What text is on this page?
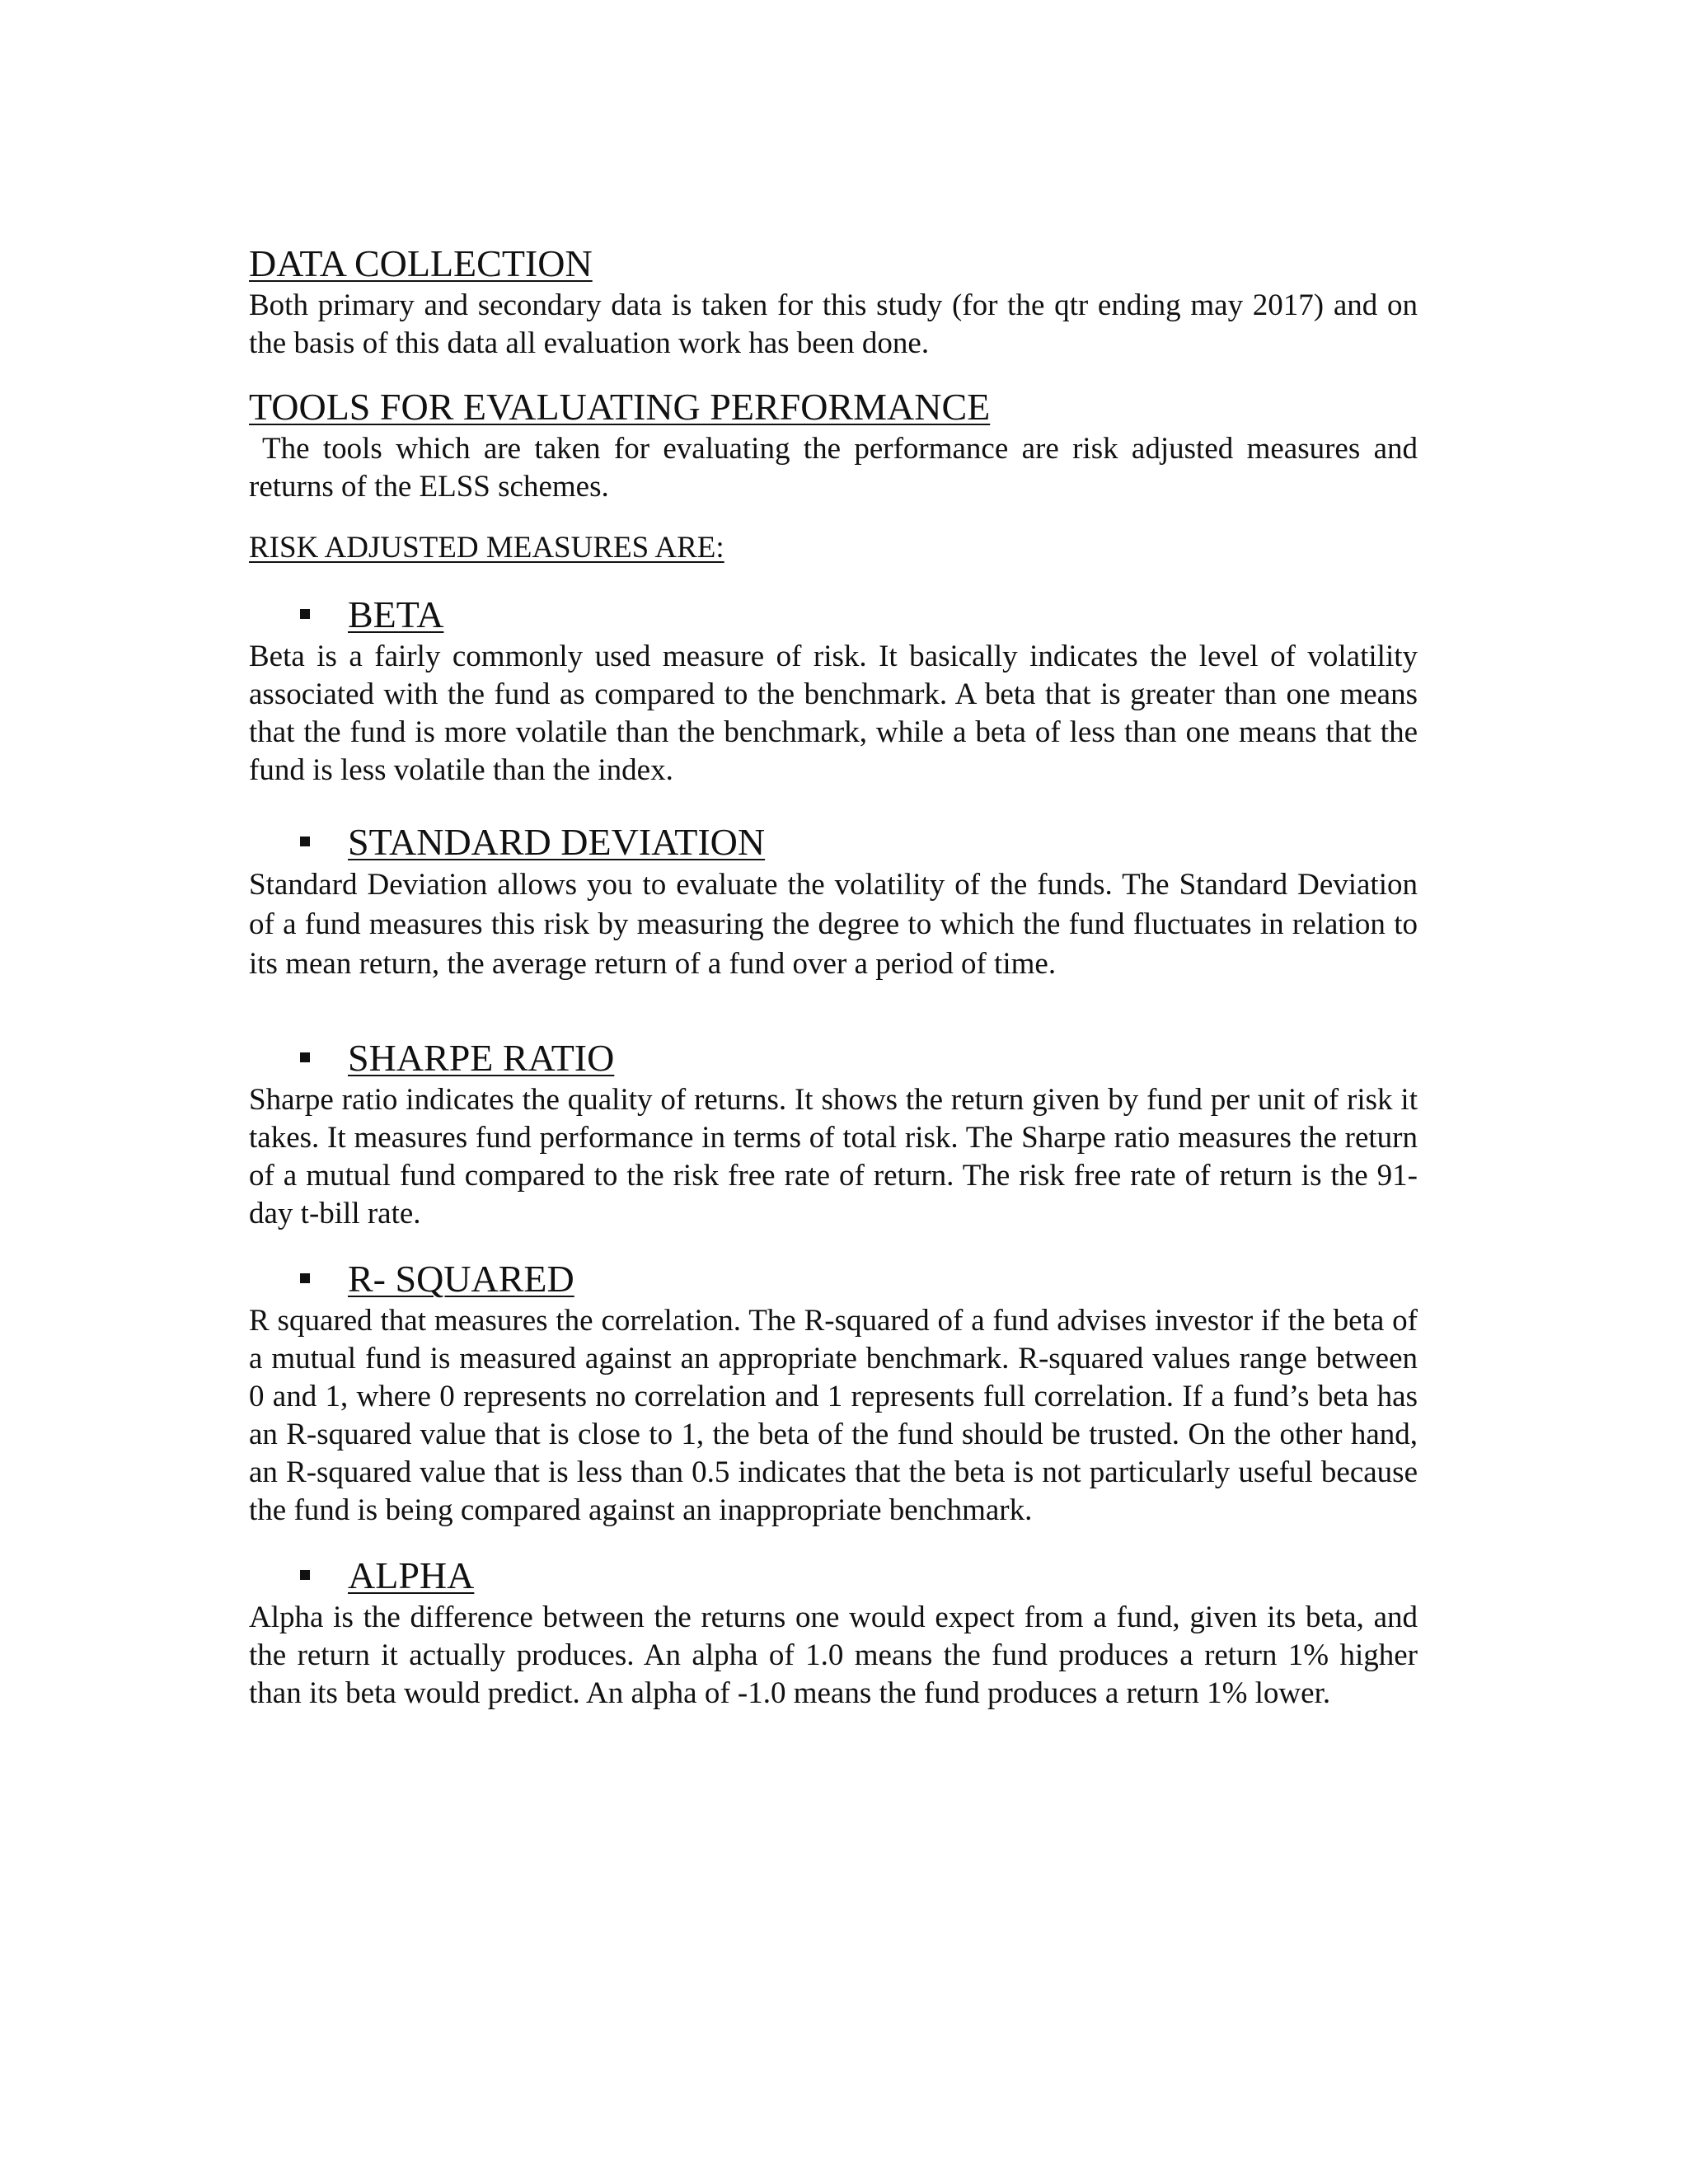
DATA COLLECTION

Both primary and secondary data is taken for this study (for the qtr ending may 2017) and on the basis of this data all evaluation work has been done.

TOOLS FOR EVALUATING PERFORMANCE

The tools which are taken for evaluating the performance are risk adjusted measures and returns of the ELSS schemes.

RISK ADJUSTED MEASURES ARE:

BETA

Beta is a fairly commonly used measure of risk. It basically indicates the level of volatility associated with the fund as compared to the benchmark. A beta that is greater than one means that the fund is more volatile than the benchmark, while a beta of less than one means that the fund is less volatile than the index.

STANDARD DEVIATION

Standard Deviation allows you to evaluate the volatility of the funds. The Standard Deviation of a fund measures this risk by measuring the degree to which the fund fluctuates in relation to its mean return, the average return of a fund over a period of time.

SHARPE RATIO

Sharpe ratio indicates the quality of returns. It shows the return given by fund per unit of risk it takes. It measures fund performance in terms of total risk. The Sharpe ratio measures the return of a mutual fund compared to the risk free rate of return. The risk free rate of return is the 91-day t-bill rate.

R- SQUARED

R squared that measures the correlation. The R-squared of a fund advises investor if the beta of a mutual fund is measured against an appropriate benchmark. R-squared values range between 0 and 1, where 0 represents no correlation and 1 represents full correlation. If a fund’s beta has an R-squared value that is close to 1, the beta of the fund should be trusted. On the other hand, an R-squared value that is less than 0.5 indicates that the beta is not particularly useful because the fund is being compared against an inappropriate benchmark.

ALPHA

Alpha is the difference between the returns one would expect from a fund, given its beta, and the return it actually produces. An alpha of 1.0 means the fund produces a return 1% higher than its beta would predict. An alpha of -1.0 means the fund produces a return 1% lower.
